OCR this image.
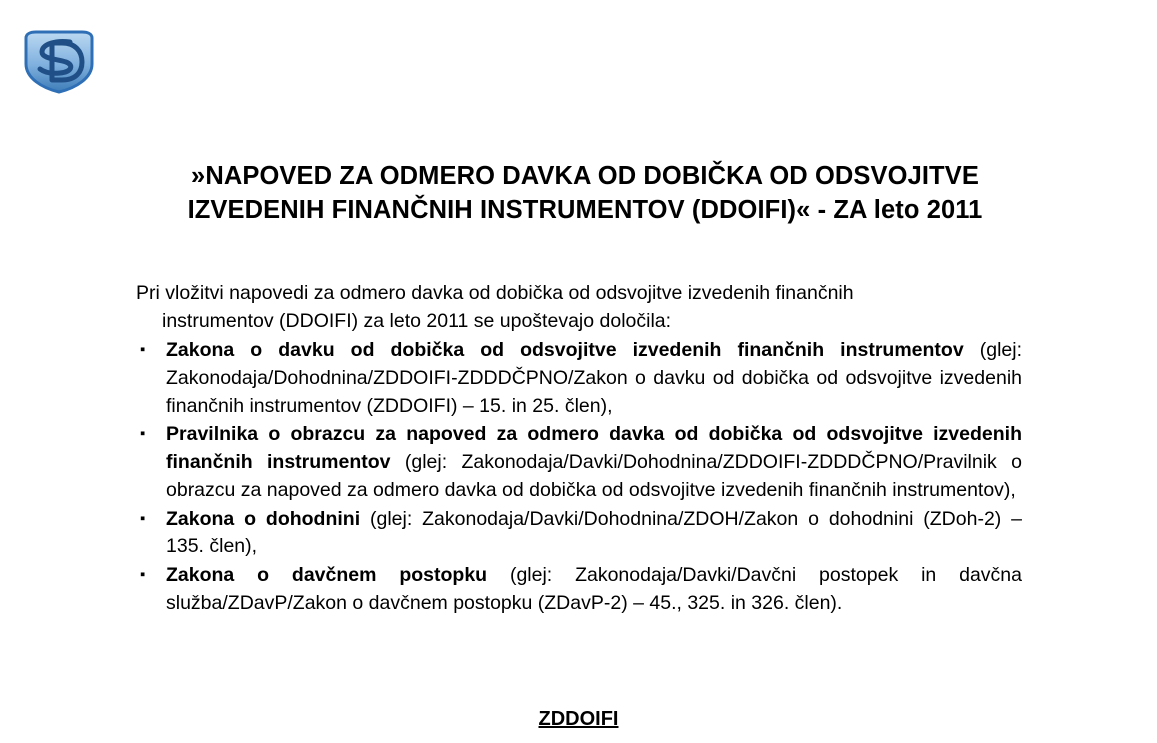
»NAPOVED ZA ODMERO DAVKA OD DOBIČKA OD ODSVOJITVE
IZVEDENIH FINANČNIH INSTRUMENTOV (DDOIFI)« - ZA leto 2011

Pri vložitvi napovedi za odmero davka od dobička od odsvojitve izvedenih finančnih
instrumentov (DDOIFI) za leto 2011 se upoštevajo določila:

▪ Zakona o davku od dobička od odsvojitve izvedenih finančnih instrumentov (glej: Zakonodaja/Dohodnina/ZDDOIFI-ZDDDČPNO/Zakon o davku od dobička od odsvojitve izvedenih finančnih instrumentov (ZDDOIFI) – 15. in 25. člen),
▪ Pravilnika o obrazcu za napoved za odmero davka od dobička od odsvojitve izvedenih finančnih instrumentov (glej: Zakonodaja/Davki/Dohodnina/ZDDOIFI-ZDDDČPNO/Pravilnik o obrazcu za napoved za odmero davka od dobička od odsvojitve izvedenih finančnih instrumentov),
▪ Zakona o dohodnini (glej: Zakonodaja/Davki/Dohodnina/ZDOH/Zakon o dohodnini (ZDoh-2) – 135. člen),
▪ Zakona o davčnem postopku (glej: Zakonodaja/Davki/Davčni postopek in davčna služba/ZDavP/Zakon o davčnem postopku (ZDavP-2) – 45., 325. in 326. člen).
ZDDOIFI
